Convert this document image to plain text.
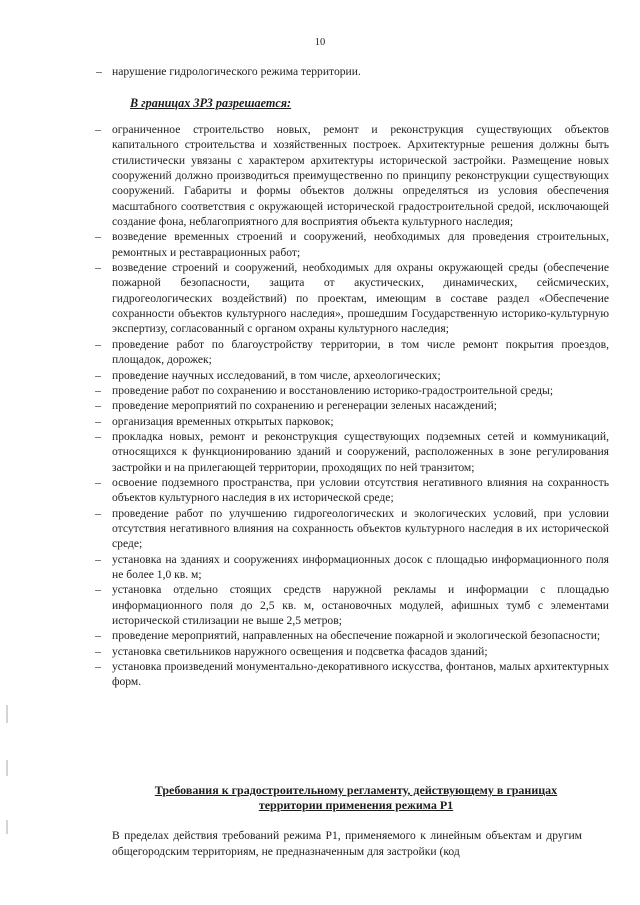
10
– нарушение гидрологического режима территории.
В границах ЗРЗ разрешается:
– ограниченное строительство новых, ремонт и реконструкция существующих объектов капитального строительства и хозяйственных построек. Архитектурные решения должны быть стилистически увязаны с характером архитектуры исторической застройки. Размещение новых сооружений должно производиться преимущественно по принципу реконструкции существующих сооружений. Габариты и формы объектов должны определяться из условия обеспечения масштабного соответствия с окружающей исторической градостроительной средой, исключающей создание фона, неблагоприятного для восприятия объекта культурного наследия;
– возведение временных строений и сооружений, необходимых для проведения строительных, ремонтных и реставрационных работ;
– возведение строений и сооружений, необходимых для охраны окружающей среды (обеспечение пожарной безопасности, защита от акустических, динамических, сейсмических, гидрогеологических воздействий) по проектам, имеющим в составе раздел «Обеспечение сохранности объектов культурного наследия», прошедшим Государственную историко-культурную экспертизу, согласованный с органом охраны культурного наследия;
– проведение работ по благоустройству территории, в том числе ремонт покрытия проездов, площадок, дорожек;
– проведение научных исследований, в том числе, археологических;
– проведение работ по сохранению и восстановлению историко-градостроительной среды;
– проведение мероприятий по сохранению и регенерации зеленых насаждений;
– организация временных открытых парковок;
– прокладка новых, ремонт и реконструкция существующих подземных сетей и коммуникаций, относящихся к функционированию зданий и сооружений, расположенных в зоне регулирования застройки и на прилегающей территории, проходящих по ней транзитом;
– освоение подземного пространства, при условии отсутствия негативного влияния на сохранность объектов культурного наследия в их исторической среде;
– проведение работ по улучшению гидрогеологических и экологических условий, при условии отсутствия негативного влияния на сохранность объектов культурного наследия в их исторической среде;
– установка на зданиях и сооружениях информационных досок с площадью информационного поля не более 1,0 кв. м;
– установка отдельно стоящих средств наружной рекламы и информации с площадью информационного поля до 2,5 кв. м, остановочных модулей, афишных тумб с элементами исторической стилизации не выше 2,5 метров;
– проведение мероприятий, направленных на обеспечение пожарной и экологической безопасности;
– установка светильников наружного освещения и подсветка фасадов зданий;
– установка произведений монументально-декоративного искусства, фонтанов, малых архитектурных форм.
Требования к градостроительному регламенту, действующему в границах территории применения режима Р1
В пределах действия требований режима Р1, применяемого к линейным объектам и другим общегородским территориям, не предназначенным для застройки (код
